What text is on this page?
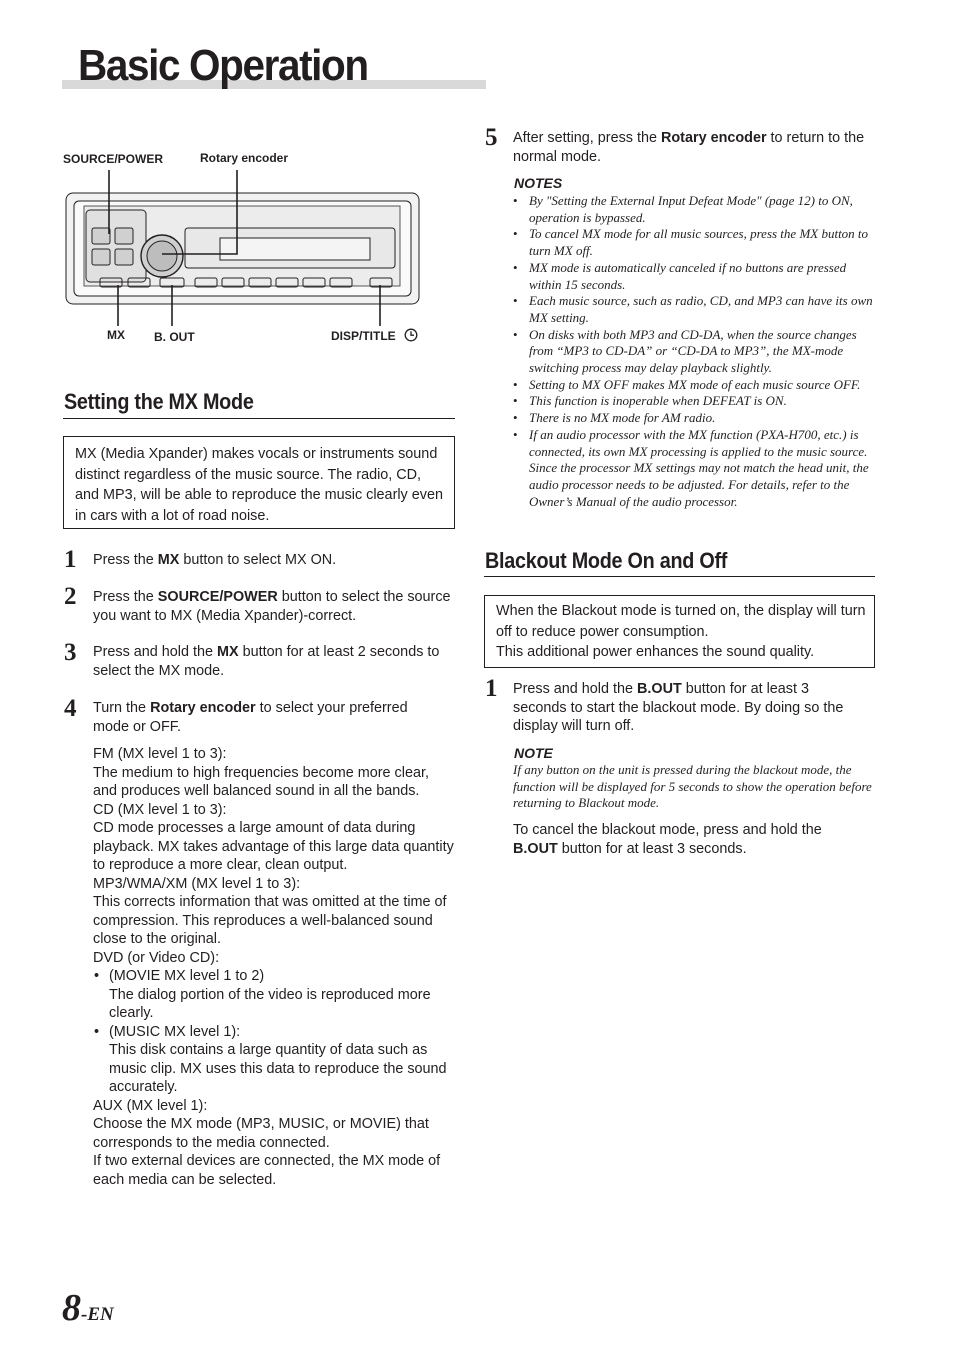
Basic Operation
SOURCE/POWER	Rotary encoder
MX B. OUT	DISP/TITLE
Setting the MX Mode
MX (Media Xpander) makes vocals or instruments sound distinct regardless of the music source. The radio, CD, and MP3, will be able to reproduce the music clearly even in cars with a lot of road noise.
1 Press the MX button to select MX ON.
2 Press the SOURCE/POWER button to select the source you want to MX (Media Xpander)-correct.
3 Press and hold the MX button for at least 2 seconds to select the MX mode.
4 Turn the Rotary encoder to select your preferred mode or OFF.
FM (MX level 1 to 3):
The medium to high frequencies become more clear, and produces well balanced sound in all the bands.
CD (MX level 1 to 3):
CD mode processes a large amount of data during playback. MX takes advantage of this large data quantity to reproduce a more clear, clean output.
MP3/WMA/XM (MX level 1 to 3):
This corrects information that was omitted at the time of compression. This reproduces a well-balanced sound close to the original.
DVD (or Video CD):
• (MOVIE MX level 1 to 2)
The dialog portion of the video is reproduced more clearly.
• (MUSIC MX level 1):
This disk contains a large quantity of data such as music clip. MX uses this data to reproduce the sound accurately.
AUX (MX level 1):
Choose the MX mode (MP3, MUSIC, or MOVIE) that corresponds to the media connected.
If two external devices are connected, the MX mode of each media can be selected.
5 After setting, press the Rotary encoder to return to the normal mode.
NOTES
• By "Setting the External Input Defeat Mode" (page 12) to ON, operation is bypassed.
• To cancel MX mode for all music sources, press the MX button to turn MX off.
• MX mode is automatically canceled if no buttons are pressed within 15 seconds.
• Each music source, such as radio, CD, and MP3 can have its own MX setting.
• On disks with both MP3 and CD-DA, when the source changes from “MP3 to CD-DA” or “CD-DA to MP3”, the MX-mode switching process may delay playback slightly.
• Setting to MX OFF makes MX mode of each music source OFF.
• This function is inoperable when DEFEAT is ON.
• There is no MX mode for AM radio.
• If an audio processor with the MX function (PXA-H700, etc.) is connected, its own MX processing is applied to the music source. Since the processor MX settings may not match the head unit, the audio processor needs to be adjusted. For details, refer to the Owner’s Manual of the audio processor.
Blackout Mode On and Off
When the Blackout mode is turned on, the display will turn off to reduce power consumption.
This additional power enhances the sound quality.
1 Press and hold the B.OUT button for at least 3 seconds to start the blackout mode. By doing so the display will turn off.
NOTE
If any button on the unit is pressed during the blackout mode, the function will be displayed for 5 seconds to show the operation before returning to Blackout mode.
To cancel the blackout mode, press and hold the B.OUT button for at least 3 seconds.
8-EN
